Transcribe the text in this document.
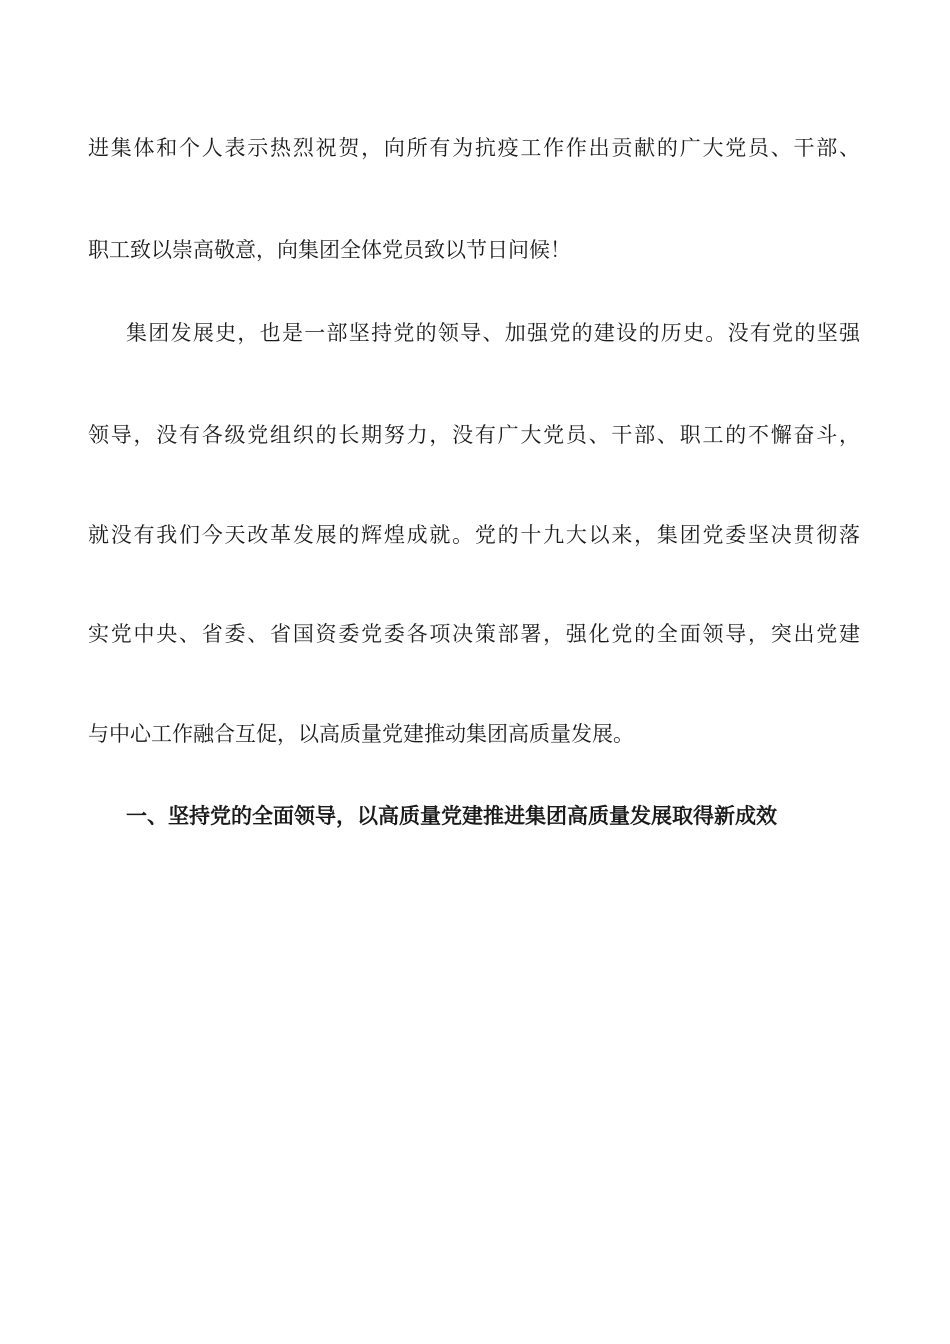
进集体和个人表示热烈祝贺，向所有为抗疫工作作出贡献的广大党员、干部、
职工致以崇高敬意，向集团全体党员致以节日问候！
集团发展史，也是一部坚持党的领导、加强党的建设的历史。没有党的坚强
领导，没有各级党组织的长期努力，没有广大党员、干部、职工的不懈奋斗，
就没有我们今天改革发展的辉煌成就。党的十九大以来，集团党委坚决贯彻落
实党中央、省委、省国资委党委各项决策部署，强化党的全面领导，突出党建
与中心工作融合互促，以高质量党建推动集团高质量发展。
一、坚持党的全面领导，以高质量党建推进集团高质量发展取得新成效
